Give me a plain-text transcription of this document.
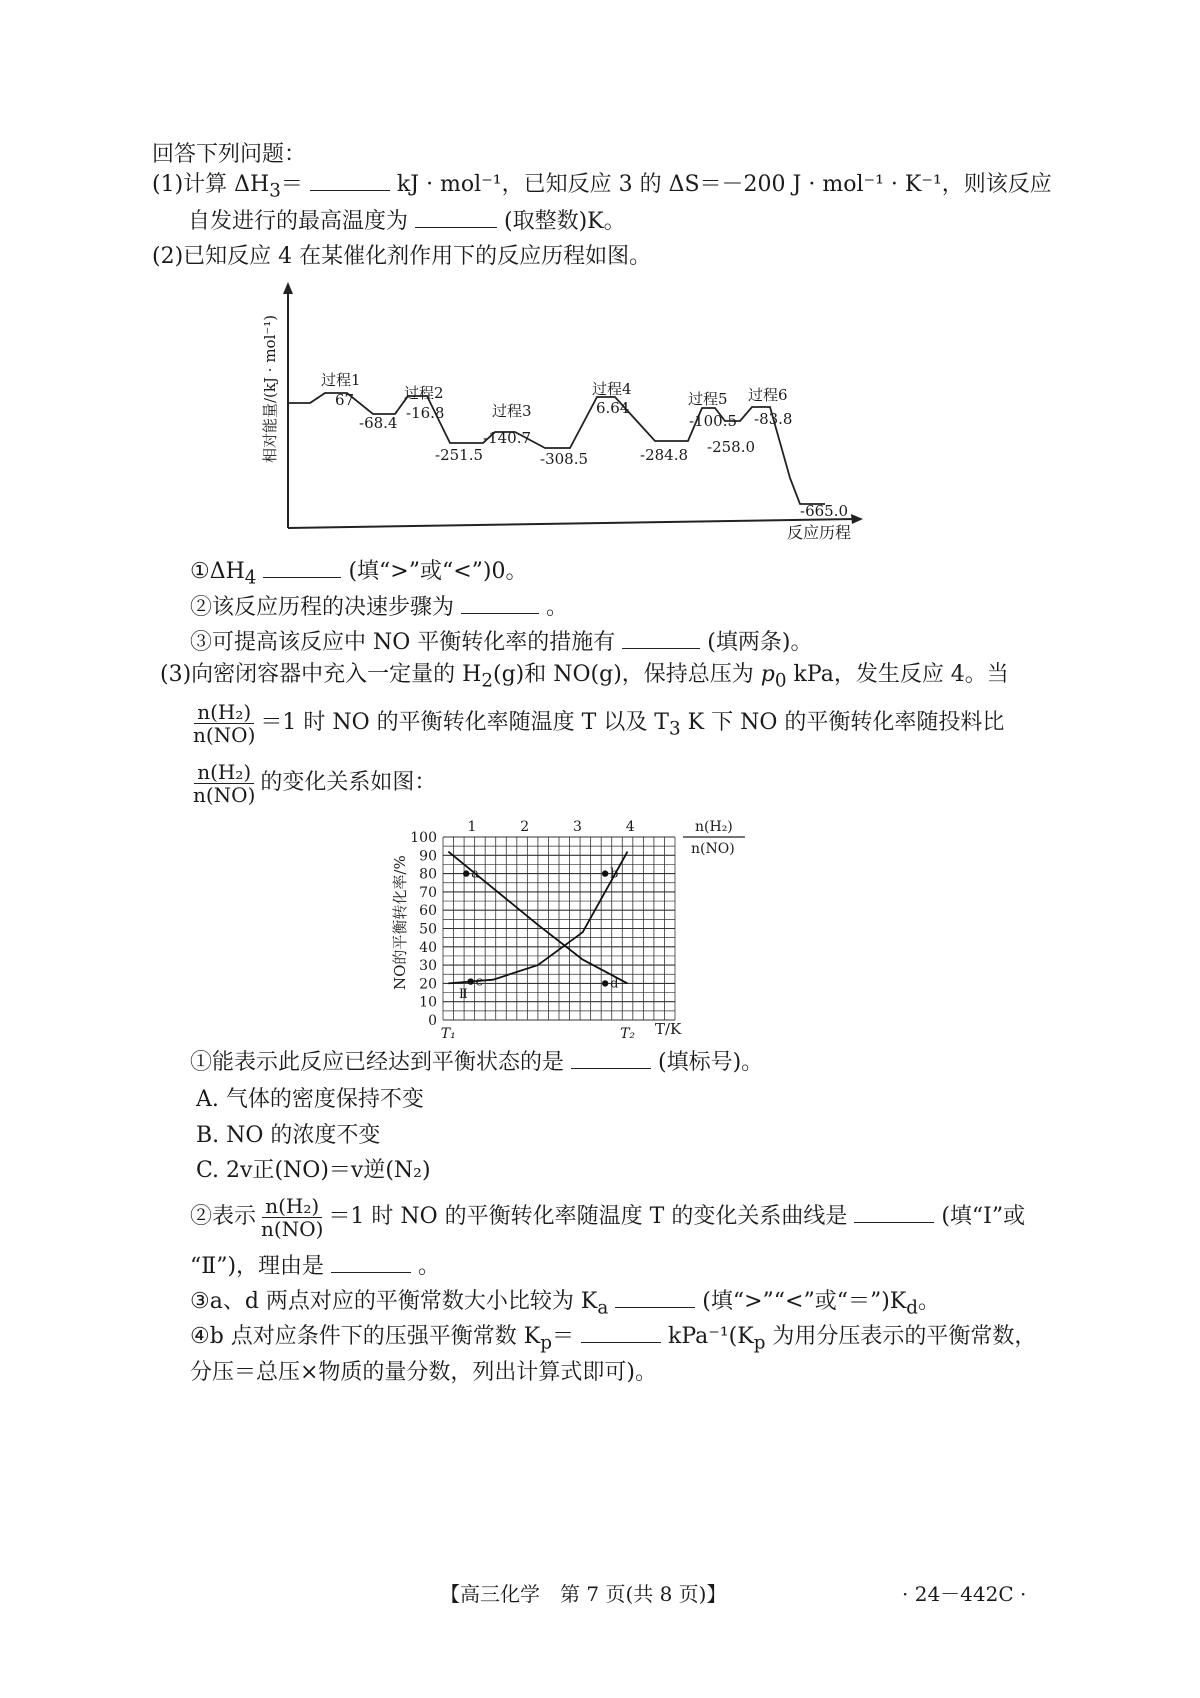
回答下列问题：
(1)计算 $\Delta H_3=$	kJ · mol⁻¹，已知反应 3 的 ΔS＝－200 J · mol⁻¹ · K⁻¹，则该反应
自发进行的最高温度为	(取整数)K。
(2)已知反应 4 在某催化剂作用下的反应历程如图。
相对能量/(kJ · mol⁻¹)
反应历程
过程1
过程2
过程3
过程4
过程5 过程6
67
-68.4
-16.8
-251.5
-140.7
-308.5
6.64
-284.8
-100.5
-258.0
-83.8
-665.0
$①\Delta H_4$	(填“>”或“<”)0。
②该反应历程的决速步骤为	。
③可提高该反应中 NO 平衡转化率的措施有	(填两条)。
(3)向密闭容器中充入一定量的 $H_2(g)$和 NO(g)，保持总压为 $p_0$ kPa，发生反应 4。当
$\frac{\text{n(H₂)}}{n(NO)} =1$ 时 NO 的平衡转化率随温度 T 以及 $T_3$ K 下 NO 的平衡转化率随投料比
$\frac{\text{n(H₂)}}{n(NO)}$ 的变化关系如图：
0
10
20
30
40
50
60
70
80
90
100
1	2	3	4
T₁	T₂
Ⅱ
a	b
c	d
NO的平衡转化率/%
T/K
n(H₂)
n(NO)
①能表示此反应已经达到平衡状态的是	(填标号)。
A. 气体的密度保持不变
B. NO 的浓度不变
C. 2v正(NO)＝v逆(N₂)
②表示 $\frac{\text{n(H₂)}}{n(NO)} =1$ 时 NO 的平衡转化率随温度 T 的变化关系曲线是	(填“Ⅰ”或
“Ⅱ”)，理由是	。
③a、d 两点对应的平衡常数大小比较为 $K_a$	(填“>”“<”或“$=”)K_d$。
④b 点对应条件下的压强平衡常数 $K_p=$	$kPa^{-1}(K_p$ 为用分压表示的平衡常数，
分压＝总压×物质的量分数，列出计算式即可)。
【高三化学　第 7 页(共 8 页)】	· 24－442C ·
